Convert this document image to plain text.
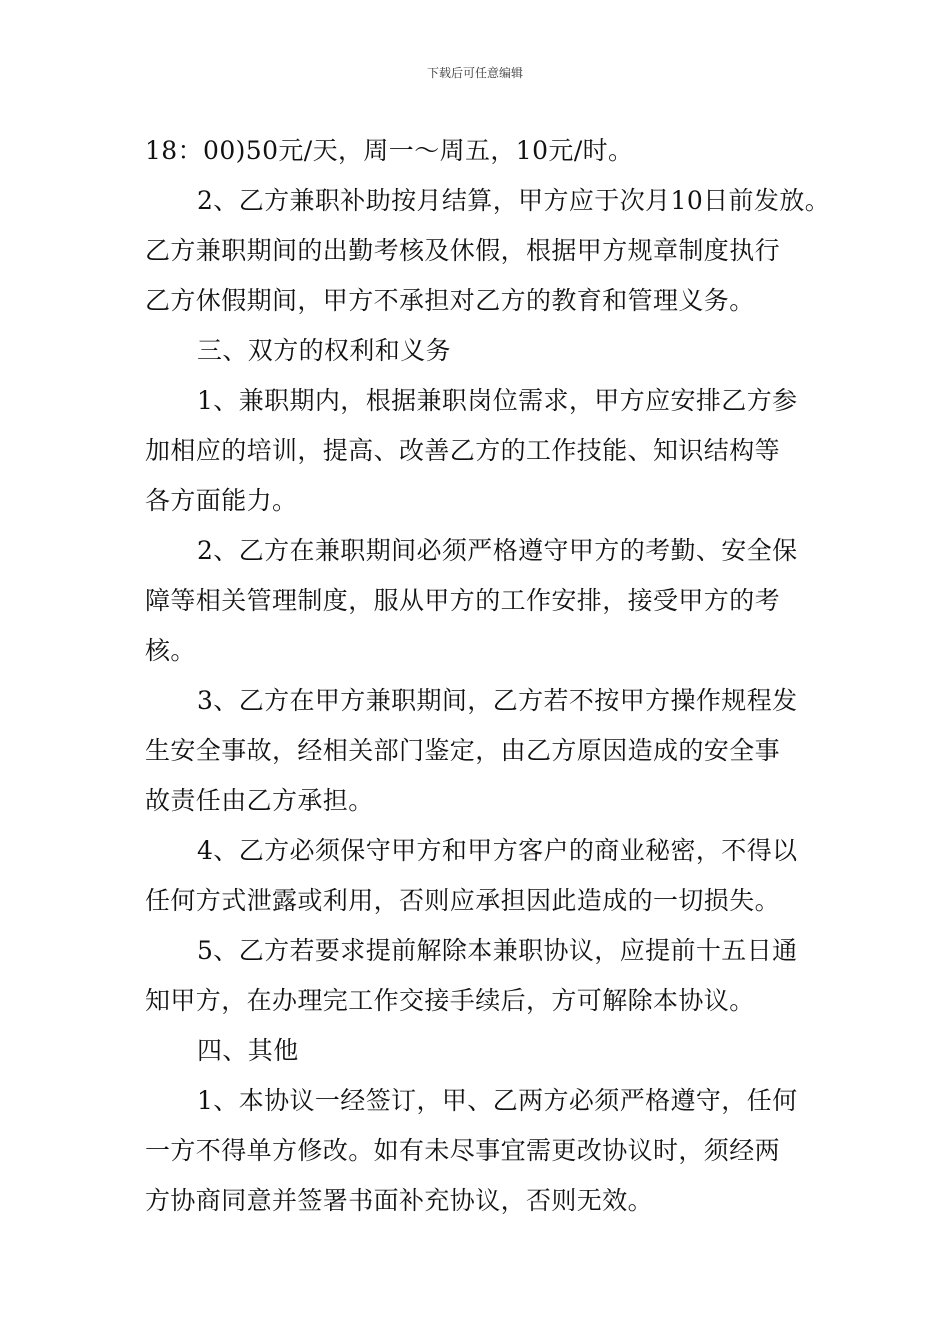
下载后可任意编辑
18：00)50元/天，周一～周五，10元/时。
2、乙方兼职补助按月结算，甲方应于次月10日前发放。
乙方兼职期间的出勤考核及休假，根据甲方规章制度执行
乙方休假期间，甲方不承担对乙方的教育和管理义务。
三、双方的权利和义务
1、兼职期内，根据兼职岗位需求，甲方应安排乙方参
加相应的培训，提高、改善乙方的工作技能、知识结构等
各方面能力。
2、乙方在兼职期间必须严格遵守甲方的考勤、安全保
障等相关管理制度，服从甲方的工作安排，接受甲方的考
核。
3、乙方在甲方兼职期间，乙方若不按甲方操作规程发
生安全事故，经相关部门鉴定，由乙方原因造成的安全事
故责任由乙方承担。
4、乙方必须保守甲方和甲方客户的商业秘密，不得以
任何方式泄露或利用，否则应承担因此造成的一切损失。
5、乙方若要求提前解除本兼职协议，应提前十五日通
知甲方，在办理完工作交接手续后，方可解除本协议。
四、其他
1、本协议一经签订，甲、乙两方必须严格遵守，任何
一方不得单方修改。如有未尽事宜需更改协议时，须经两
方协商同意并签署书面补充协议，否则无效。
